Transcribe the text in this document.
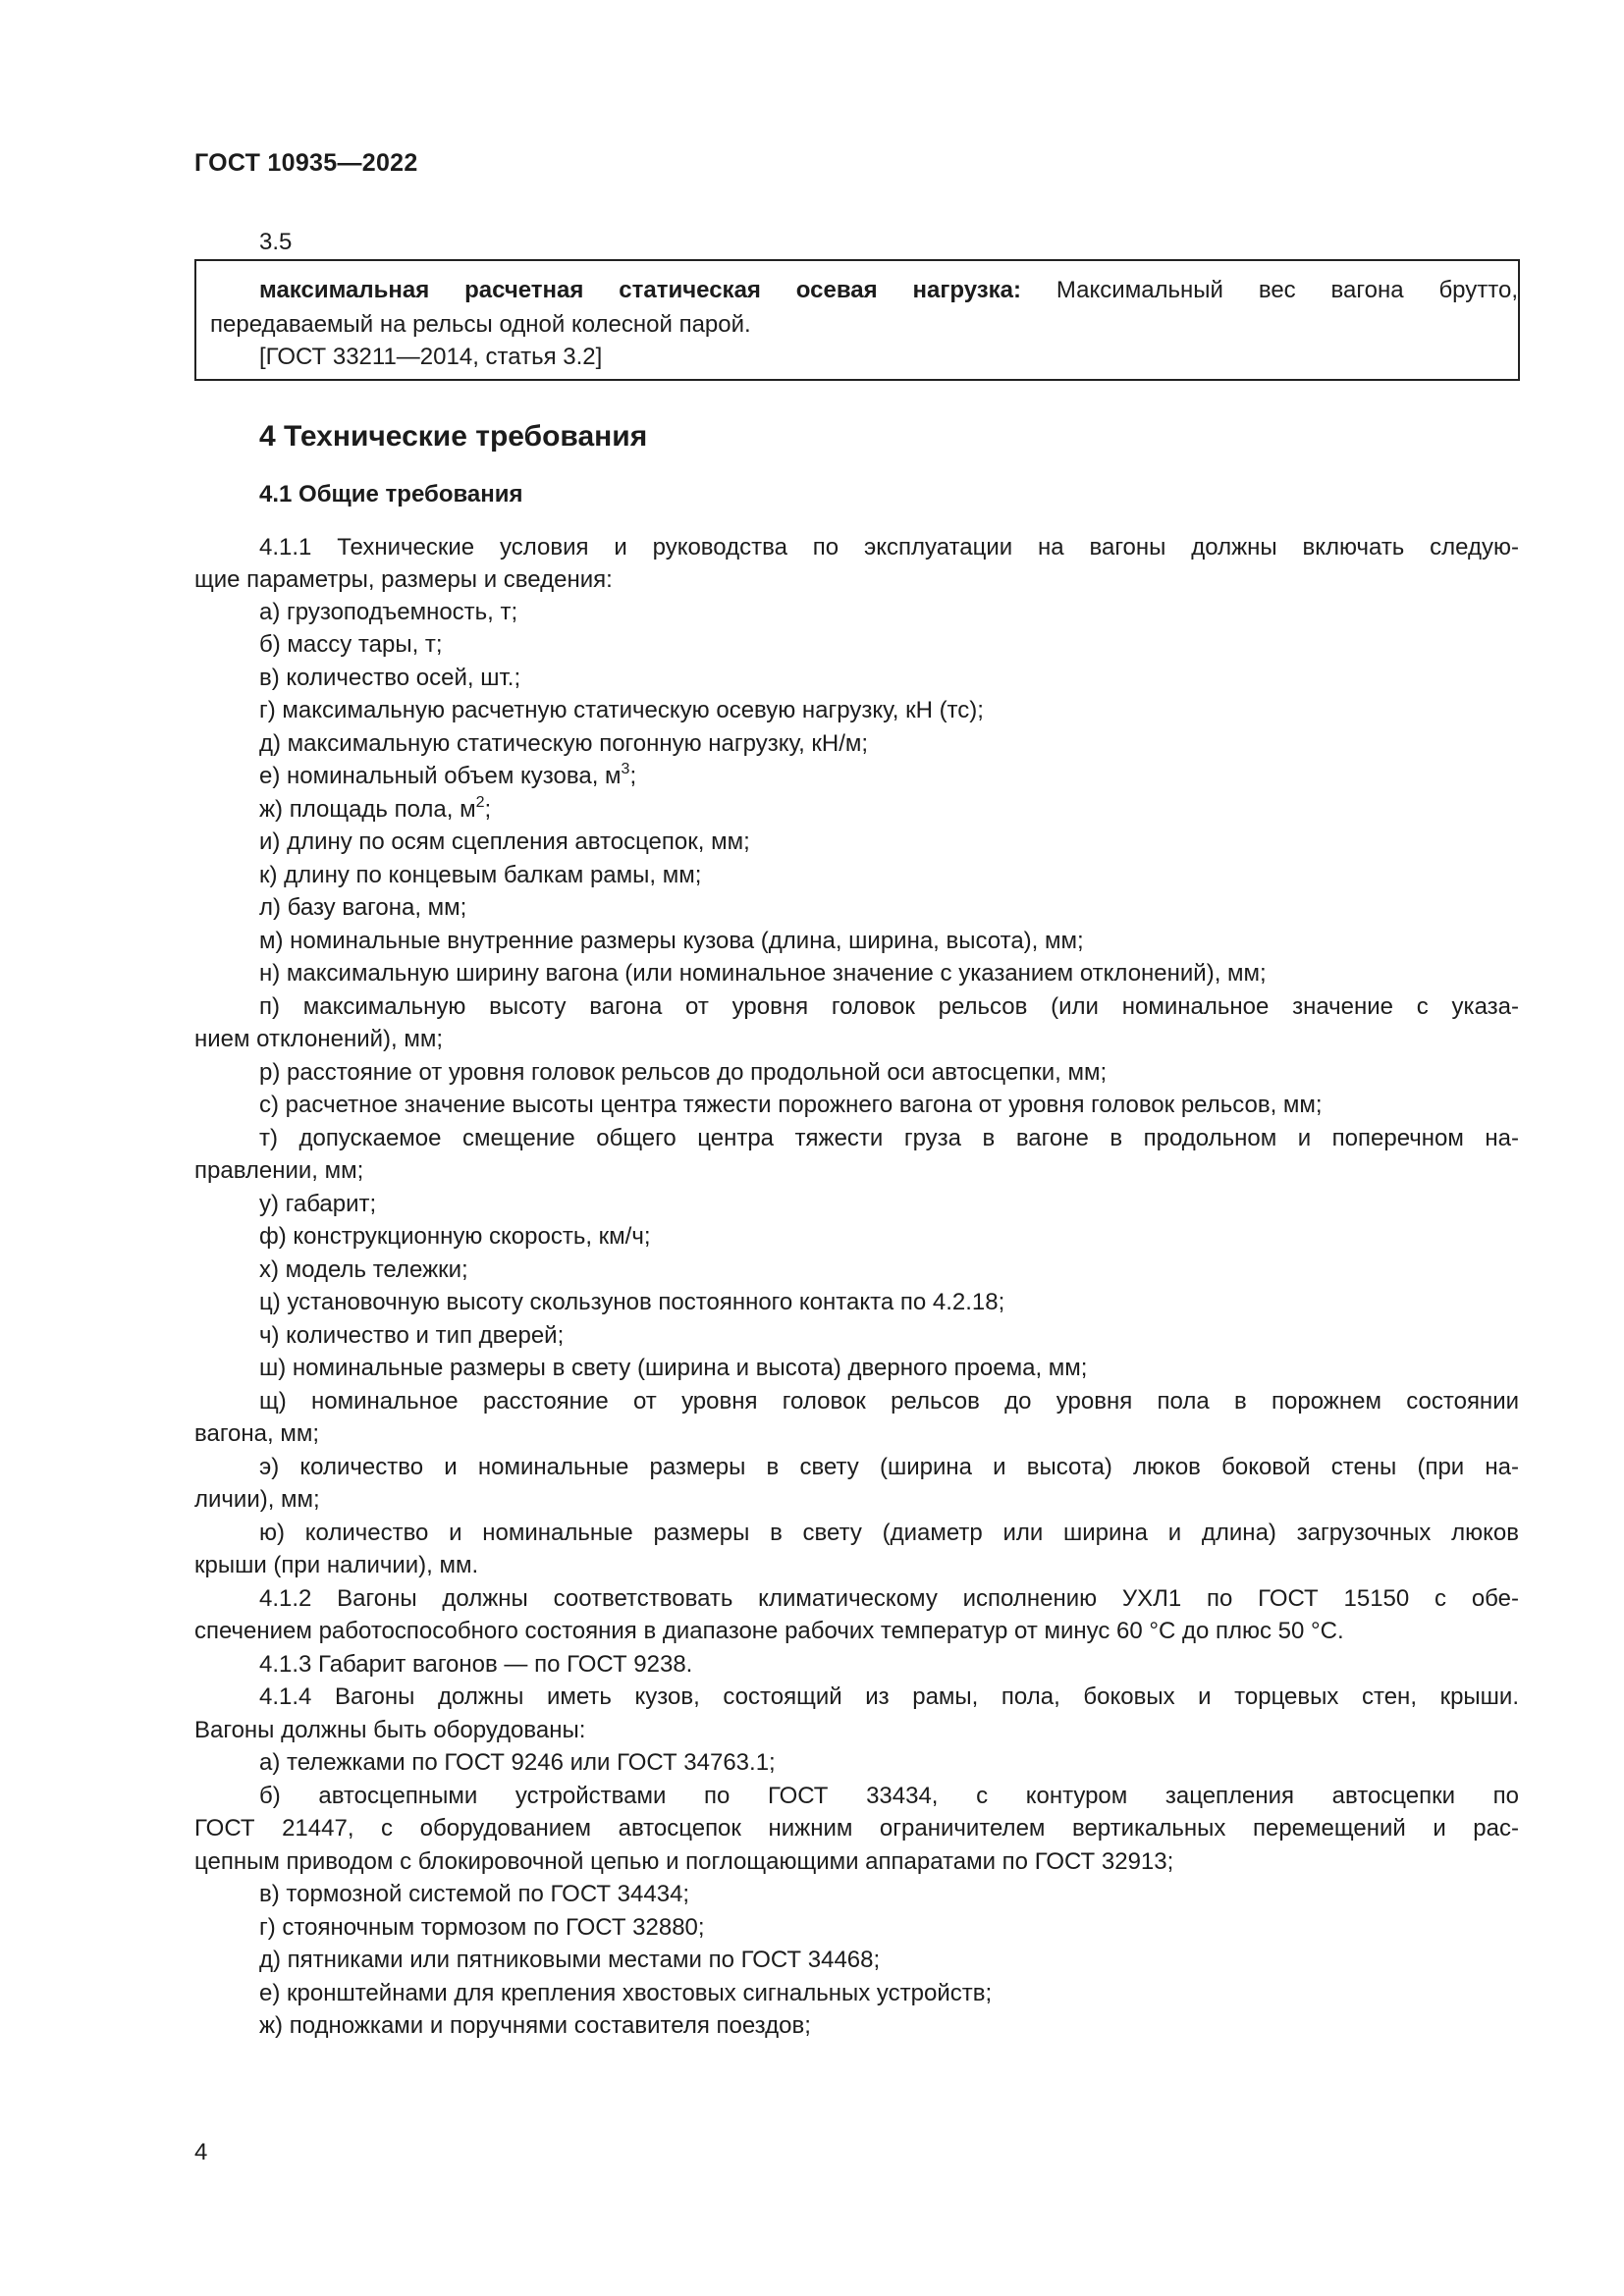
ГОСТ 10935—2022
3.5
максимальная расчетная статическая осевая нагрузка: Максимальный вес вагона брутто,
передаваемый на рельсы одной колесной парой.
[ГОСТ 33211—2014, статья 3.2]
4 Технические требования
4.1 Общие требования
4.1.1 Технические условия и руководства по эксплуатации на вагоны должны включать следую-
щие параметры, размеры и сведения:
а) грузоподъемность, т;
б) массу тары, т;
в) количество осей, шт.;
г) максимальную расчетную статическую осевую нагрузку, кН (тс);
д) максимальную статическую погонную нагрузку, кН/м;
е) номинальный объем кузова, $м^3$;
ж) площадь пола, $м^2$;
и) длину по осям сцепления автосцепок, мм;
к) длину по концевым балкам рамы, мм;
л) базу вагона, мм;
м) номинальные внутренние размеры кузова (длина, ширина, высота), мм;
н) максимальную ширину вагона (или номинальное значение с указанием отклонений), мм;
п) максимальную высоту вагона от уровня головок рельсов (или номинальное значение с указа-
нием отклонений), мм;
р) расстояние от уровня головок рельсов до продольной оси автосцепки, мм;
с) расчетное значение высоты центра тяжести порожнего вагона от уровня головок рельсов, мм;
т) допускаемое смещение общего центра тяжести груза в вагоне в продольном и поперечном на-
правлении, мм;
у) габарит;
ф) конструкционную скорость, км/ч;
х) модель тележки;
ц) установочную высоту скользунов постоянного контакта по 4.2.18;
ч) количество и тип дверей;
ш) номинальные размеры в свету (ширина и высота) дверного проема, мм;
щ) номинальное расстояние от уровня головок рельсов до уровня пола в порожнем состоянии
вагона, мм;
э) количество и номинальные размеры в свету (ширина и высота) люков боковой стены (при на-
личии), мм;
ю) количество и номинальные размеры в свету (диаметр или ширина и длина) загрузочных люков
крыши (при наличии), мм.
4.1.2 Вагоны должны соответствовать климатическому исполнению УХЛ1 по ГОСТ 15150 с обе-
спечением работоспособного состояния в диапазоне рабочих температур от минус 60 °С до плюс 50 °С.
4.1.3 Габарит вагонов — по ГОСТ 9238.
4.1.4 Вагоны должны иметь кузов, состоящий из рамы, пола, боковых и торцевых стен, крыши.
Вагоны должны быть оборудованы:
а) тележками по ГОСТ 9246 или ГОСТ 34763.1;
б) автосцепными устройствами по ГОСТ 33434, с контуром зацепления автосцепки по
ГОСТ 21447, с оборудованием автосцепок нижним ограничителем вертикальных перемещений и рас-
цепным приводом с блокировочной цепью и поглощающими аппаратами по ГОСТ 32913;
в) тормозной системой по ГОСТ 34434;
г) стояночным тормозом по ГОСТ 32880;
д) пятниками или пятниковыми местами по ГОСТ 34468;
е) кронштейнами для крепления хвостовых сигнальных устройств;
ж) подножками и поручнями составителя поездов;
4
